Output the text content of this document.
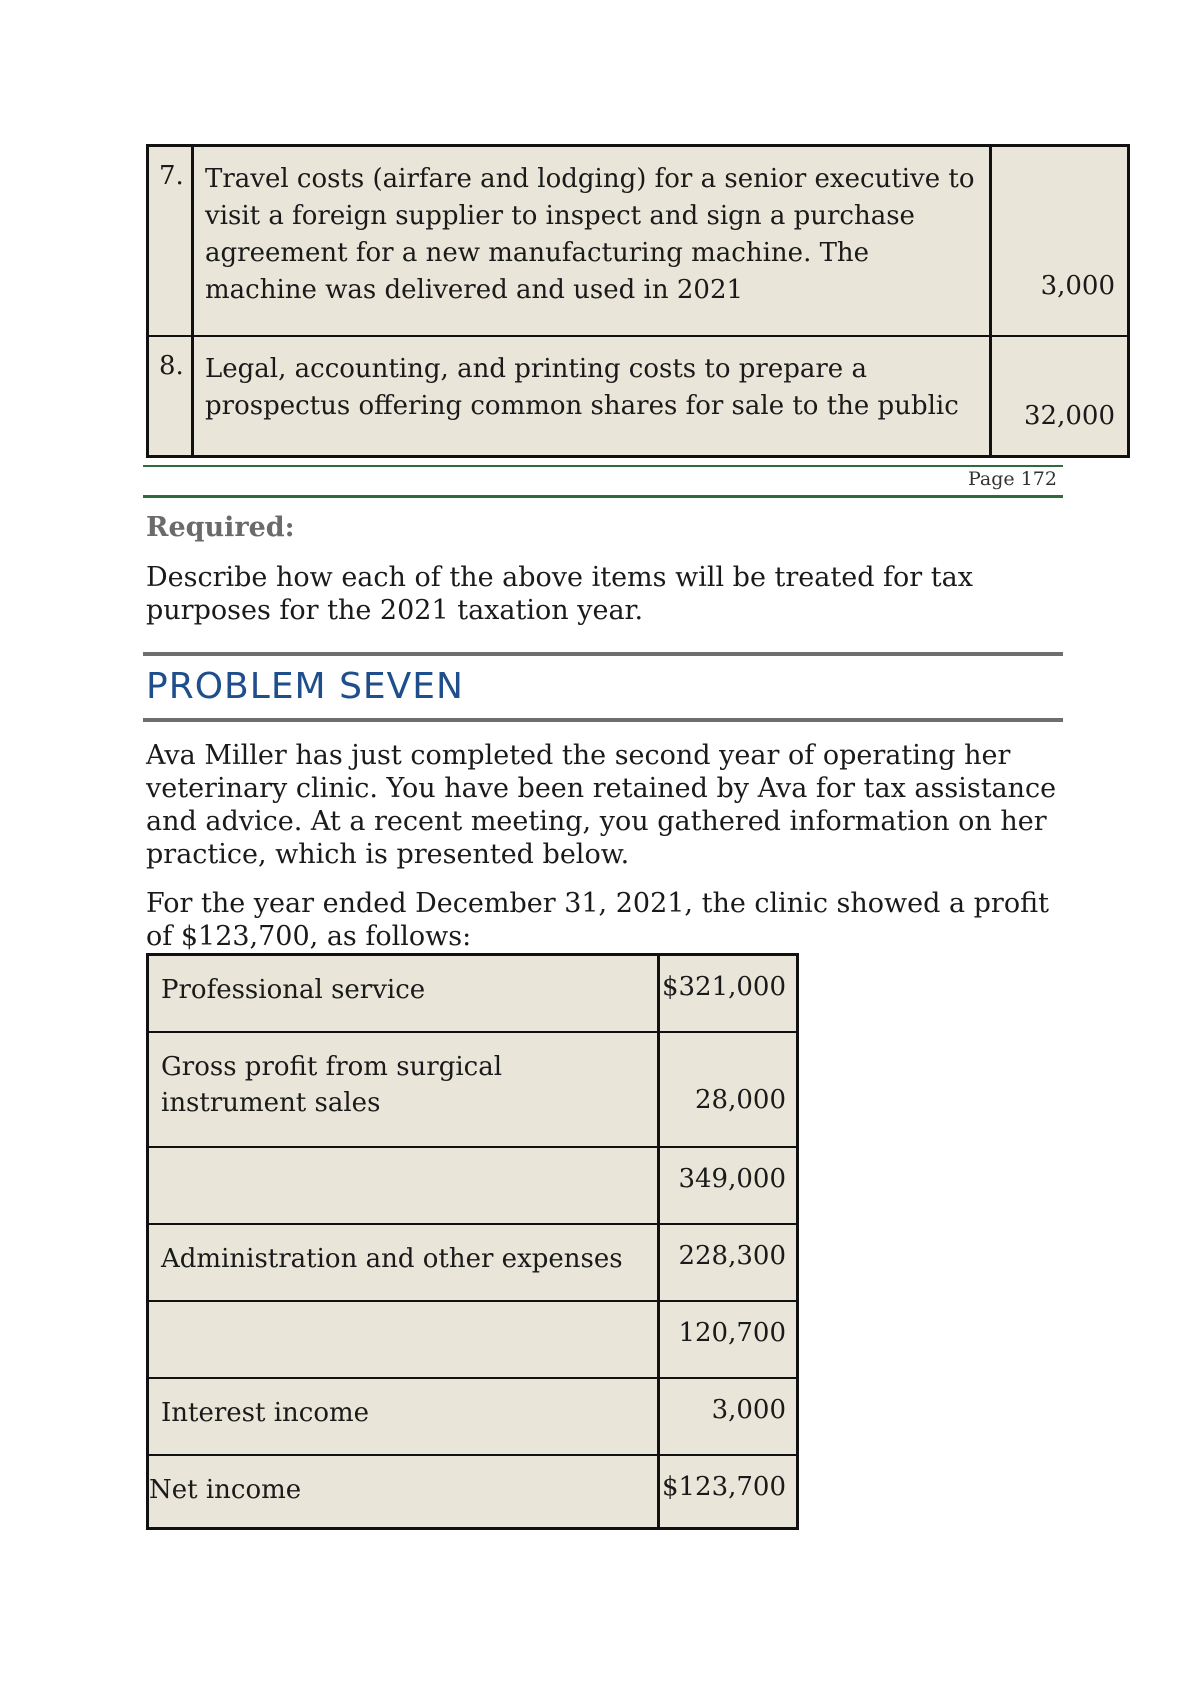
7. Travel costs (airfare and lodging) for a senior executive to visit a foreign supplier to inspect and sign a purchase agreement for a new manufacturing machine. The machine was delivered and used in 2021	3,000
8. Legal, accounting, and printing costs to prepare a prospectus offering common shares for sale to the public	32,000
Page 172
Required:
Describe how each of the above items will be treated for tax purposes for the 2021 taxation year.
PROBLEM SEVEN
Ava Miller has just completed the second year of operating her veterinary clinic. You have been retained by Ava for tax assistance and advice. At a recent meeting, you gathered information on her practice, which is presented below.
For the year ended December 31, 2021, the clinic showed a profit of $123,700, as follows:
Professional service	$321,000
Gross profit from surgical instrument sales	28,000
349,000
Administration and other expenses	228,300
120,700
Interest income	3,000
Net income	$123,700
